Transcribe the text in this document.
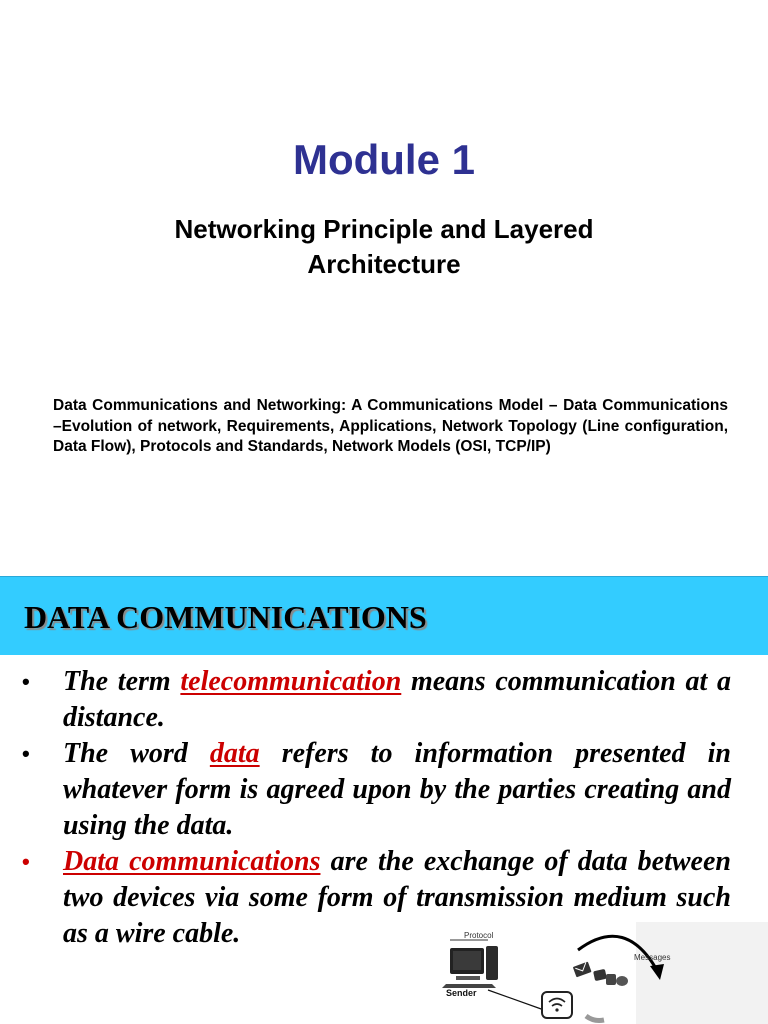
Module 1
Networking Principle and Layered Architecture

Data Communications and Networking: A Communications Model – Data Communications –Evolution of network, Requirements, Applications, Network Topology (Line configuration, Data Flow), Protocols and Standards, Network Models (OSI, TCP/IP)

DATA COMMUNICATIONS
• The term telecommunication means communication at a distance.
• The word data refers to information presented in whatever form is agreed upon by the parties creating and using the data.
• Data communications are the exchange of data between two devices via some form of transmission medium such as a wire cable.	Protocol
Sender
Messages
